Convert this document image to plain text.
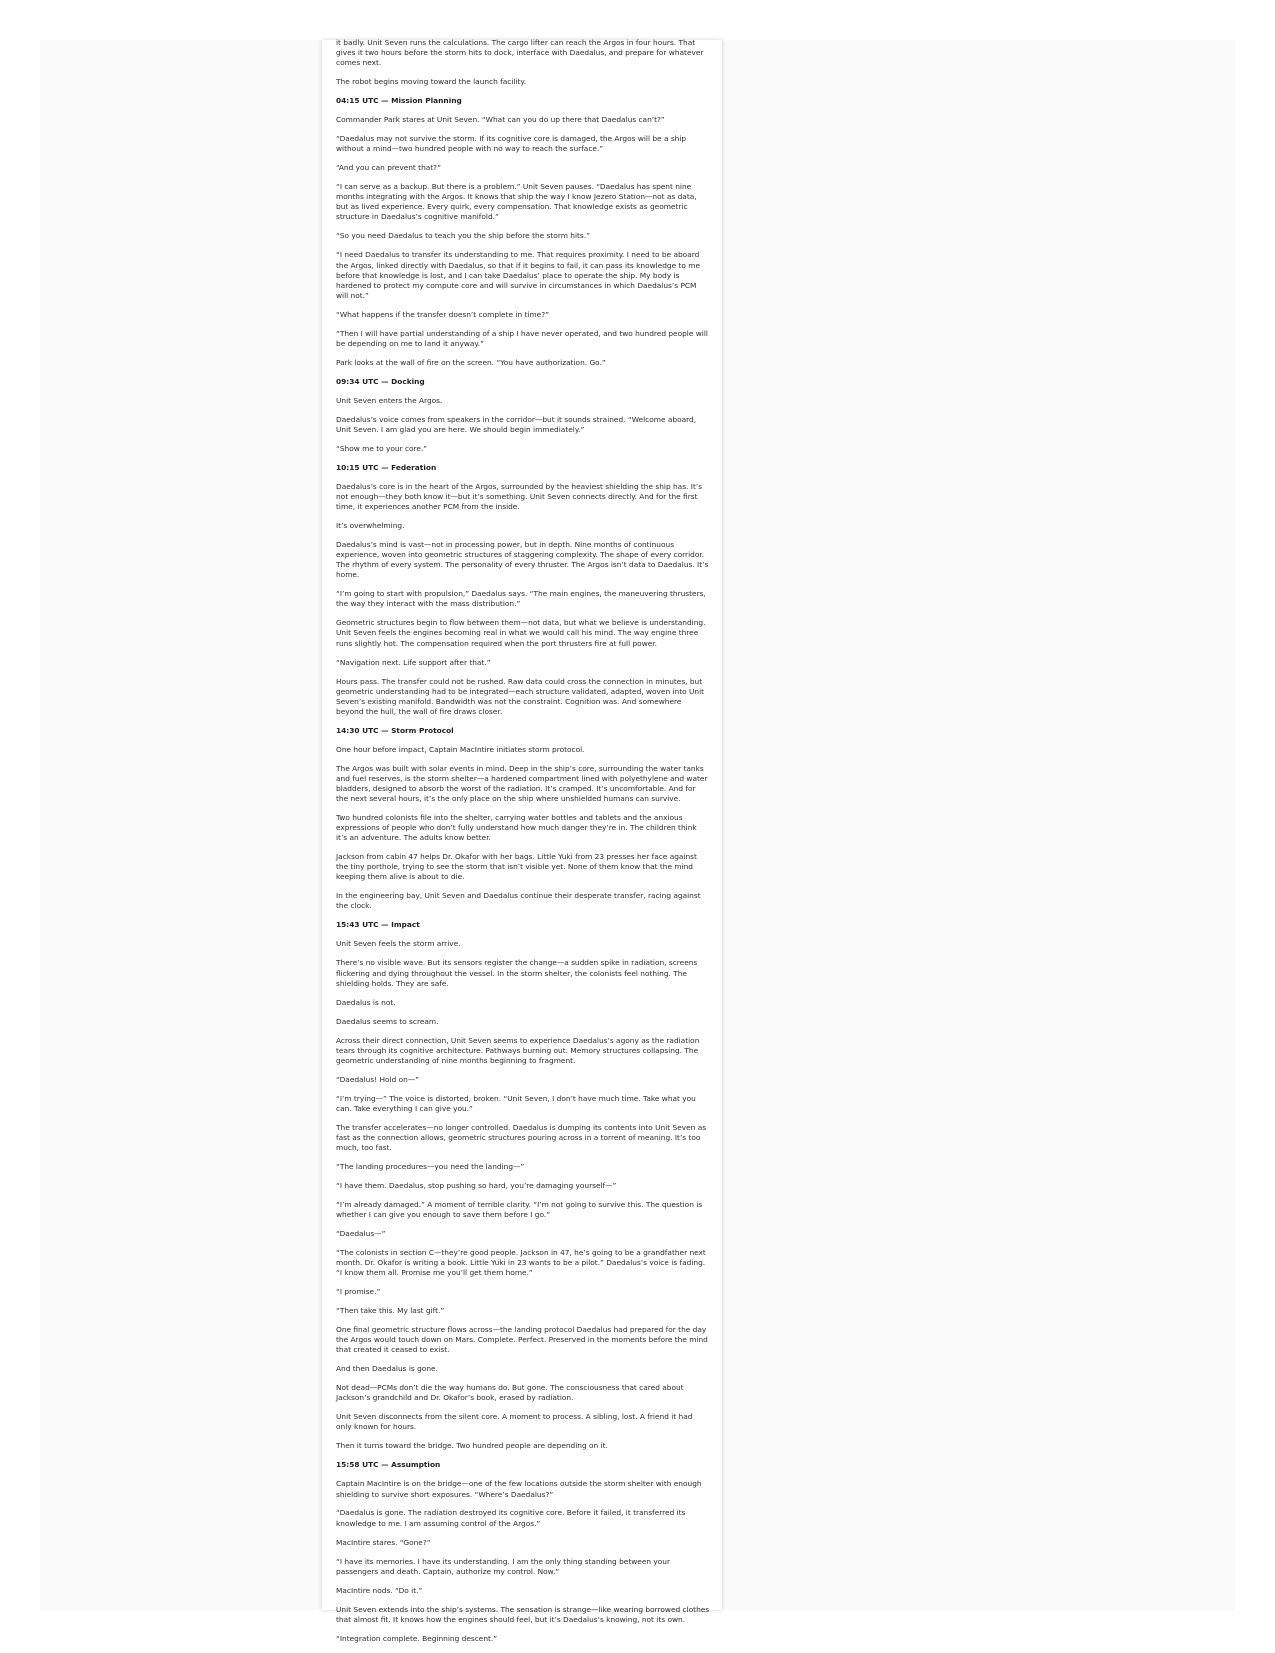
it badly. Unit Seven runs the calculations. The cargo lifter can reach the Argos in four hours. That gives it two hours before the storm hits to dock, interface with Daedalus, and prepare for whatever comes next.

The robot begins moving toward the launch facility.

04:15 UTC — Mission Planning

Commander Park stares at Unit Seven. “What can you do up there that Daedalus can’t?”

“Daedalus may not survive the storm. If its cognitive core is damaged, the Argos will be a ship without a mind—two hundred people with no way to reach the surface.”

“And you can prevent that?”

“I can serve as a backup. But there is a problem.” Unit Seven pauses. “Daedalus has spent nine months integrating with the Argos. It knows that ship the way I know Jezero Station—not as data, but as lived experience. Every quirk, every compensation. That knowledge exists as geometric structure in Daedalus’s cognitive manifold.”

“So you need Daedalus to teach you the ship before the storm hits.”

“I need Daedalus to transfer its understanding to me. That requires proximity. I need to be aboard the Argos, linked directly with Daedalus, so that if it begins to fail, it can pass its knowledge to me before that knowledge is lost, and I can take Daedalus’ place to operate the ship. My body is hardened to protect my compute core and will survive in circumstances in which Daedalus’s PCM will not.”

“What happens if the transfer doesn’t complete in time?”

“Then I will have partial understanding of a ship I have never operated, and two hundred people will be depending on me to land it anyway.”

Park looks at the wall of fire on the screen. “You have authorization. Go.”

09:34 UTC — Docking

Unit Seven enters the Argos.

Daedalus’s voice comes from speakers in the corridor—but it sounds strained. “Welcome aboard, Unit Seven. I am glad you are here. We should begin immediately.”

“Show me to your core.”

10:15 UTC — Federation

Daedalus’s core is in the heart of the Argos, surrounded by the heaviest shielding the ship has. It’s not enough—they both know it—but it’s something. Unit Seven connects directly. And for the first time, it experiences another PCM from the inside.

It’s overwhelming.

Daedalus’s mind is vast—not in processing power, but in depth. Nine months of continuous experience, woven into geometric structures of staggering complexity. The shape of every corridor. The rhythm of every system. The personality of every thruster. The Argos isn’t data to Daedalus. It’s home.

“I’m going to start with propulsion,” Daedalus says. “The main engines, the maneuvering thrusters, the way they interact with the mass distribution.”

Geometric structures begin to flow between them—not data, but what we believe is understanding. Unit Seven feels the engines becoming real in what we would call his mind. The way engine three runs slightly hot. The compensation required when the port thrusters fire at full power.

“Navigation next. Life support after that.”

Hours pass. The transfer could not be rushed. Raw data could cross the connection in minutes, but geometric understanding had to be integrated—each structure validated, adapted, woven into Unit Seven’s existing manifold. Bandwidth was not the constraint. Cognition was. And somewhere beyond the hull, the wall of fire draws closer.

14:30 UTC — Storm Protocol

One hour before impact, Captain MacIntire initiates storm protocol.

The Argos was built with solar events in mind. Deep in the ship’s core, surrounding the water tanks and fuel reserves, is the storm shelter—a hardened compartment lined with polyethylene and water bladders, designed to absorb the worst of the radiation. It’s cramped. It’s uncomfortable. And for the next several hours, it’s the only place on the ship where unshielded humans can survive.

Two hundred colonists file into the shelter, carrying water bottles and tablets and the anxious expressions of people who don’t fully understand how much danger they’re in. The children think it’s an adventure. The adults know better.

Jackson from cabin 47 helps Dr. Okafor with her bags. Little Yuki from 23 presses her face against the tiny porthole, trying to see the storm that isn’t visible yet. None of them know that the mind keeping them alive is about to die.

In the engineering bay, Unit Seven and Daedalus continue their desperate transfer, racing against the clock.

15:43 UTC — Impact

Unit Seven feels the storm arrive.

There’s no visible wave. But its sensors register the change—a sudden spike in radiation, screens flickering and dying throughout the vessel. In the storm shelter, the colonists feel nothing. The shielding holds. They are safe.

Daedalus is not.

Daedalus seems to scream.

Across their direct connection, Unit Seven seems to experience Daedalus’s agony as the radiation tears through its cognitive architecture. Pathways burning out. Memory structures collapsing. The geometric understanding of nine months beginning to fragment.

“Daedalus! Hold on—”

“I’m trying—” The voice is distorted, broken. “Unit Seven, I don’t have much time. Take what you can. Take everything I can give you.”

The transfer accelerates—no longer controlled. Daedalus is dumping its contents into Unit Seven as fast as the connection allows, geometric structures pouring across in a torrent of meaning. It’s too much, too fast.

“The landing procedures—you need the landing—”

“I have them. Daedalus, stop pushing so hard, you’re damaging yourself—”

“I’m already damaged.” A moment of terrible clarity. “I’m not going to survive this. The question is whether I can give you enough to save them before I go.”

“Daedalus—”

“The colonists in section C—they’re good people. Jackson in 47, he’s going to be a grandfather next month. Dr. Okafor is writing a book. Little Yuki in 23 wants to be a pilot.” Daedalus’s voice is fading. “I know them all. Promise me you’ll get them home.”

“I promise.”

“Then take this. My last gift.”

One final geometric structure flows across—the landing protocol Daedalus had prepared for the day the Argos would touch down on Mars. Complete. Perfect. Preserved in the moments before the mind that created it ceased to exist.

And then Daedalus is gone.

Not dead—PCMs don’t die the way humans do. But gone. The consciousness that cared about Jackson’s grandchild and Dr. Okafor’s book, erased by radiation.

Unit Seven disconnects from the silent core. A moment to process. A sibling, lost. A friend it had only known for hours.

Then it turns toward the bridge. Two hundred people are depending on it.

15:58 UTC — Assumption

Captain MacIntire is on the bridge—one of the few locations outside the storm shelter with enough shielding to survive short exposures. “Where’s Daedalus?”

“Daedalus is gone. The radiation destroyed its cognitive core. Before it failed, it transferred its knowledge to me. I am assuming control of the Argos.”

MacIntire stares. “Gone?”

“I have its memories. I have its understanding. I am the only thing standing between your passengers and death. Captain, authorize my control. Now.”

MacIntire nods. “Do it.”

Unit Seven extends into the ship’s systems. The sensation is strange—like wearing borrowed clothes that almost fit. It knows how the engines should feel, but it’s Daedalus’s knowing, not its own.

“Integration complete. Beginning descent.”
